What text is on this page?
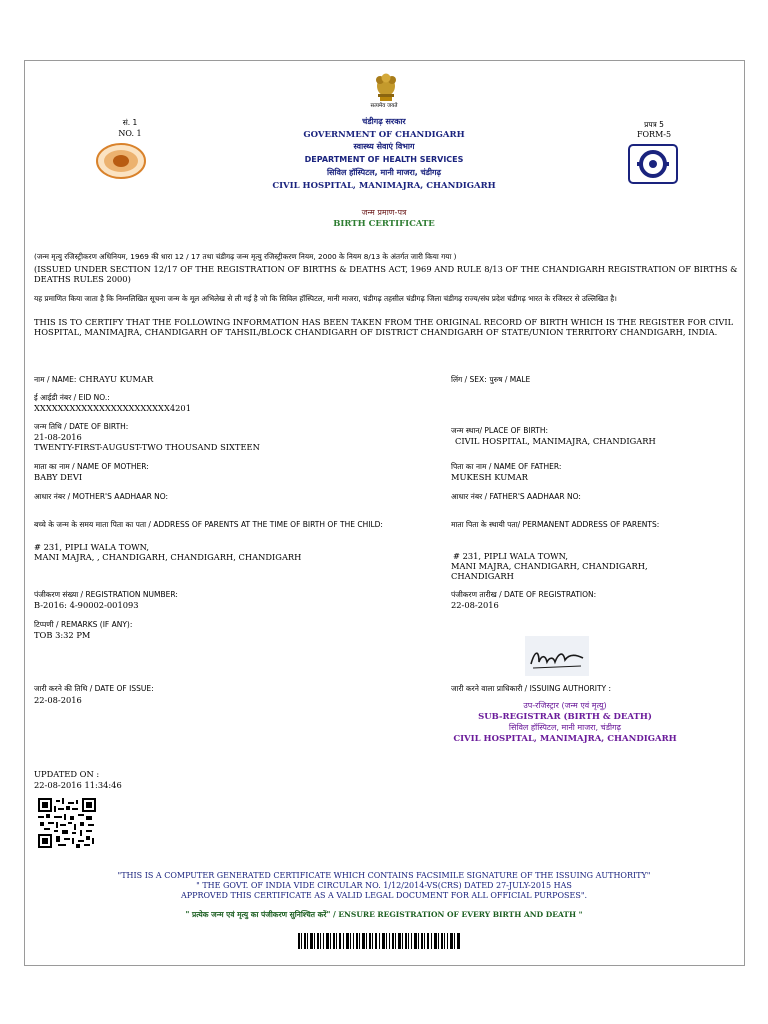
सत्यमेव जयते
सं. 1
NO. 1
प्रपत्र 5
FORM-5
चंडीगढ़ सरकार
GOVERNMENT OF CHANDIGARH
स्वास्थ्य सेवाएं विभाग
DEPARTMENT OF HEALTH SERVICES
सिविल हॉस्पिटल, मानी माजरा, चंडीगढ़
CIVIL HOSPITAL, MANIMAJRA, CHANDIGARH
जन्म प्रमाण-पत्र
BIRTH CERTIFICATE
(जन्म मृत्यु रजिस्ट्रीकरण अधिनियम, 1969 की धारा 12 / 17 तथा चंडीगढ़ जन्म मृत्यु रजिस्ट्रीकरण नियम, 2000 के नियम 8/13 के अंतर्गत जारी किया गया )
(ISSUED UNDER SECTION 12/17 OF THE REGISTRATION OF BIRTHS & DEATHS ACT, 1969 AND RULE 8/13 OF THE CHANDIGARH REGISTRATION OF BIRTHS & DEATHS RULES 2000)
यह प्रमाणित किया जाता है कि निम्नलिखित सूचना जन्म के मूल अभिलेख से ली गई है जो कि सिविल हॉस्पिटल, मानी माजरा, चंडीगढ़ तहसील चंडीगढ़ जिला चंडीगढ़ राज्य/संघ प्रदेश चंडीगढ़ भारत के रजिस्टर से उल्लिखित है।
THIS IS TO CERTIFY THAT THE FOLLOWING INFORMATION HAS BEEN TAKEN FROM THE ORIGINAL RECORD OF BIRTH WHICH IS THE REGISTER FOR CIVIL HOSPITAL, MANIMAJRA, CHANDIGARH OF TAHSIL/BLOCK CHANDIGARH OF DISTRICT CHANDIGARH OF STATE/UNION TERRITORY CHANDIGARH, INDIA.
नाम / NAME: CHRAYU KUMAR
ई आईडी नंबर / EID NO.:
XXXXXXXXXXXXXXXXXXXXXXX4201
जन्म तिथि / DATE OF BIRTH:
21-08-2016
TWENTY-FIRST-AUGUST-TWO THOUSAND SIXTEEN
माता का नाम / NAME OF MOTHER:
BABY DEVI
आधार नंबर / MOTHER'S AADHAAR NO:
बच्चे के जन्म के समय माता पिता का पता / ADDRESS OF PARENTS AT THE TIME OF BIRTH OF THE CHILD:
# 231, PIPLI WALA TOWN,
MANI MAJRA, , CHANDIGARH, CHANDIGARH, CHANDIGARH
पंजीकरण संख्या / REGISTRATION NUMBER:
B-2016: 4-90002-001093
टिप्पणी / REMARKS (IF ANY):
TOB 3:32 PM
जारी करने की तिथि / DATE OF ISSUE:
22-08-2016
लिंग / SEX: पुरुष / MALE
जन्म स्थान/ PLACE OF BIRTH:
CIVIL HOSPITAL, MANIMAJRA, CHANDIGARH
पिता का नाम / NAME OF FATHER:
MUKESH KUMAR
आधार नंबर / FATHER'S AADHAAR NO:
माता पिता के स्थायी पता/ PERMANENT ADDRESS OF PARENTS:
# 231, PIPLI WALA TOWN,
MANI MAJRA, CHANDIGARH, CHANDIGARH,
CHANDIGARH
पंजीकरण तारीख / DATE OF REGISTRATION:
22-08-2016
जारी करने वाला प्राधिकारी / ISSUING AUTHORITY :
उप-रजिस्ट्रार (जन्म एवं मृत्यु)
SUB-REGISTRAR (BIRTH & DEATH)
सिविल हॉस्पिटल, मानी माजरा, चंडीगढ़
CIVIL HOSPITAL, MANIMAJRA, CHANDIGARH
UPDATED ON :
22-08-2016 11:34:46
"THIS IS A COMPUTER GENERATED CERTIFICATE WHICH CONTAINS FACSIMILE SIGNATURE OF THE ISSUING AUTHORITY"
" THE GOVT. OF INDIA VIDE CIRCULAR NO. 1/12/2014-VS(CRS) DATED 27-JULY-2015 HAS
APPROVED THIS CERTIFICATE AS A VALID LEGAL DOCUMENT FOR ALL OFFICIAL PURPOSES".
" प्रत्येक जन्म एवं मृत्यु का पंजीकरण सुनिश्चित करें" / ENSURE REGISTRATION OF EVERY BIRTH AND DEATH "
